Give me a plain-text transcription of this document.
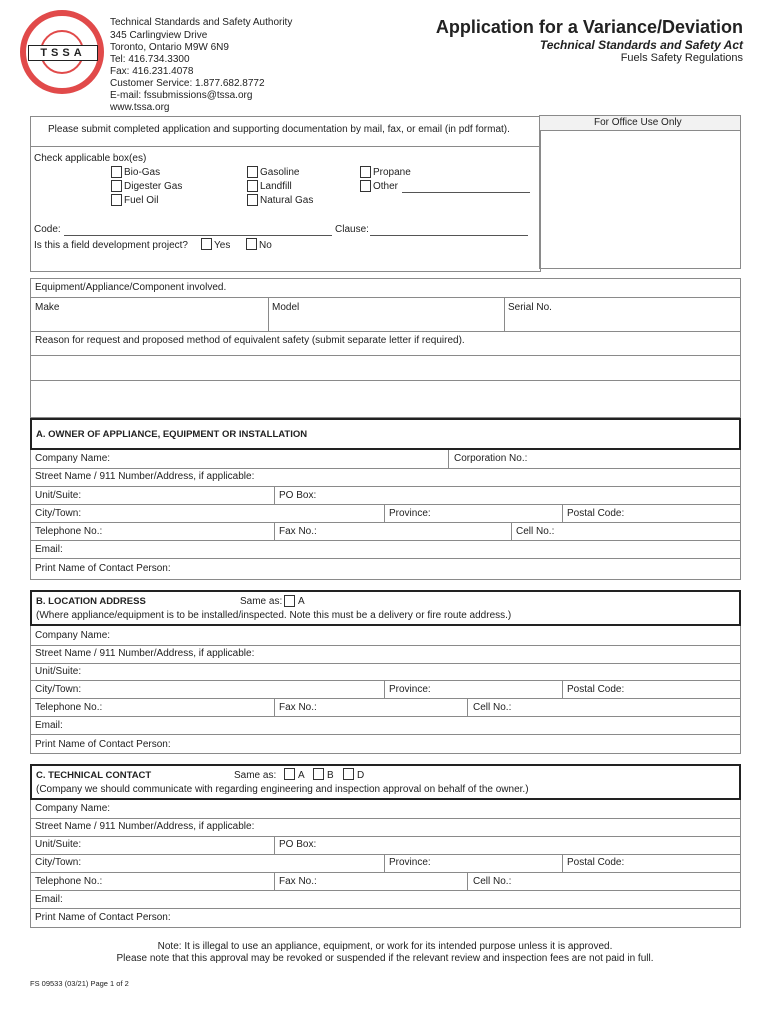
TSSA
Technical Standards and Safety Authority
345 Carlingview Drive
Toronto, Ontario M9W 6N9
Tel: 416.734.3300
Fax: 416.231.4078
Customer Service: 1.877.682.8772
E-mail: fssubmissions@tssa.org
www.tssa.org
Application for a Variance/Deviation
Technical Standards and Safety Act
Fuels Safety Regulations
Please submit completed application and supporting documentation by mail, fax, or email (in pdf format).
For Office Use Only
Check applicable box(es)
Bio-Gas
Digester Gas
Fuel Oil
Gasoline
Landfill
Natural Gas
Propane
Other
Code:	Clause:
Is this a field development project?	Yes	No
Equipment/Appliance/Component involved.
Make	Model	Serial No.
Reason for request and proposed method of equivalent safety (submit separate letter if required).
A. OWNER OF APPLIANCE, EQUIPMENT OR INSTALLATION
Company Name:	Corporation No.:
Street Name / 911 Number/Address, if applicable:
Unit/Suite:	PO Box:
City/Town:	Province:	Postal Code:
Telephone No.:	Fax No.:	Cell No.:
Email:
Print Name of Contact Person:
B. LOCATION ADDRESS	Same as: A
(Where appliance/equipment is to be installed/inspected. Note this must be a delivery or fire route address.)
Company Name:
Street Name / 911 Number/Address, if applicable:
Unit/Suite:
City/Town:	Province:	Postal Code:
Telephone No.:	Fax No.:	Cell No.:
Email:
Print Name of Contact Person:
C. TECHNICAL CONTACT	Same as: A B D
(Company we should communicate with regarding engineering and inspection approval on behalf of the owner.)
Company Name:
Street Name / 911 Number/Address, if applicable:
Unit/Suite:	PO Box:
City/Town:	Province:	Postal Code:
Telephone No.:	Fax No.:	Cell No.:
Email:
Print Name of Contact Person:
Note: It is illegal to use an appliance, equipment, or work for its intended purpose unless it is approved.
Please note that this approval may be revoked or suspended if the relevant review and inspection fees are not paid in full.
FS 09533 (03/21) Page 1 of 2
